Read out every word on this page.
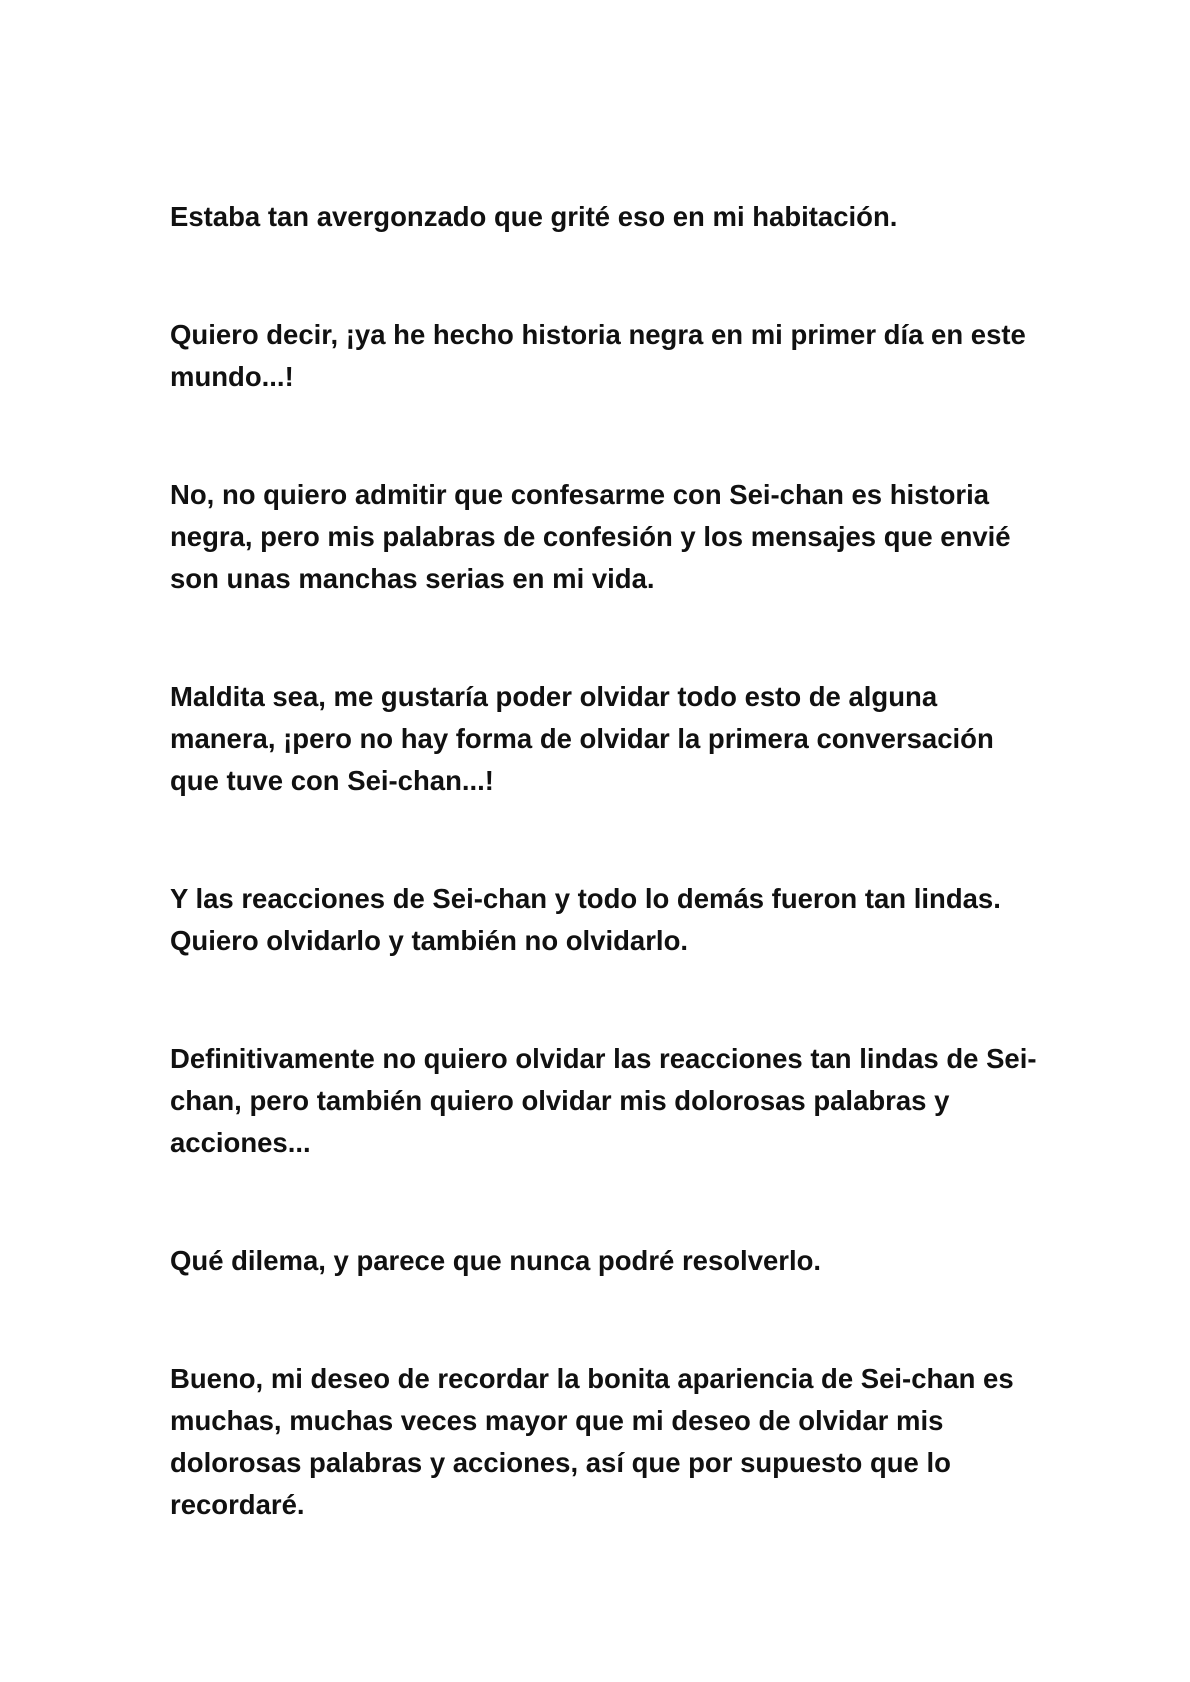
Estaba tan avergonzado que grité eso en mi habitación.

Quiero decir, ¡ya he hecho historia negra en mi primer día en este mundo...!

No, no quiero admitir que confesarme con Sei-chan es historia negra, pero mis palabras de confesión y los mensajes que envié son unas manchas serias en mi vida.

Maldita sea, me gustaría poder olvidar todo esto de alguna manera, ¡pero no hay forma de olvidar la primera conversación que tuve con Sei-chan...!

Y las reacciones de Sei-chan y todo lo demás fueron tan lindas. Quiero olvidarlo y también no olvidarlo.

Definitivamente no quiero olvidar las reacciones tan lindas de Sei-chan, pero también quiero olvidar mis dolorosas palabras y acciones...

Qué dilema, y parece que nunca podré resolverlo.

Bueno, mi deseo de recordar la bonita apariencia de Sei-chan es muchas, muchas veces mayor que mi deseo de olvidar mis dolorosas palabras y acciones, así que por supuesto que lo recordaré.
